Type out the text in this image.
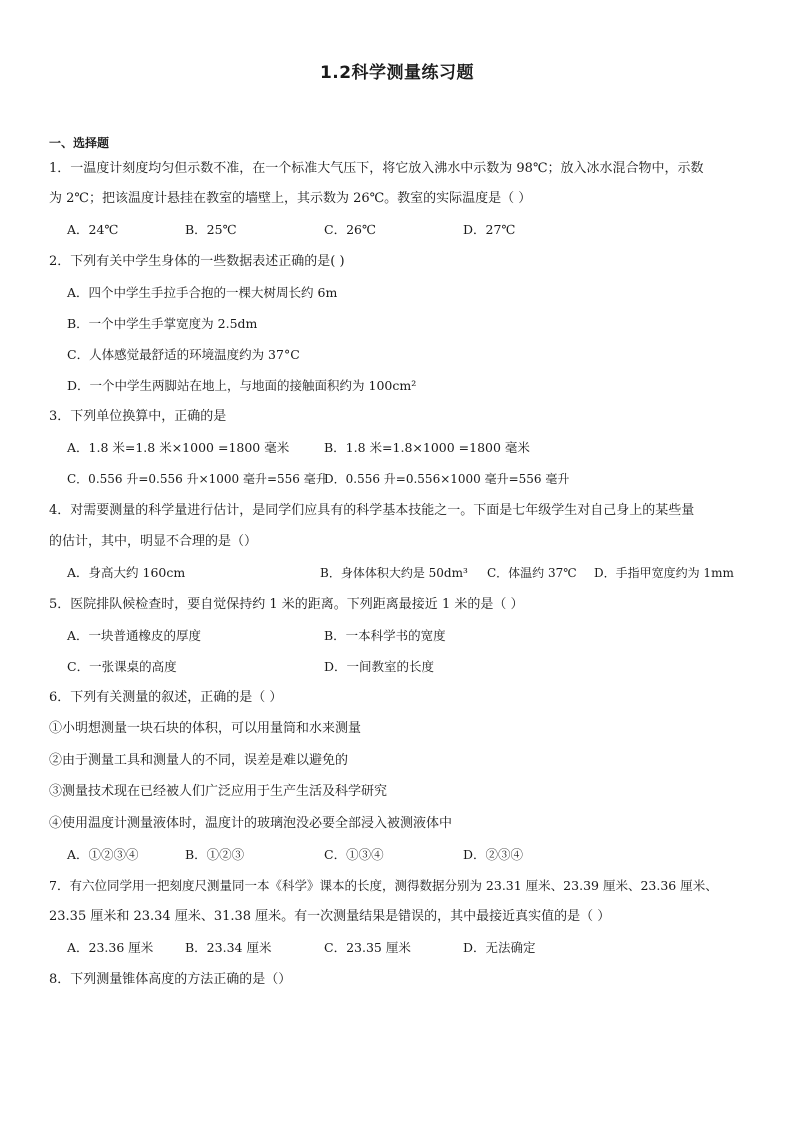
1.2科学测量练习题
一、选择题
1．一温度计刻度均匀但示数不准，在一个标准大气压下，将它放入沸水中示数为 98℃；放入冰水混合物中，示数
为 2℃；把该温度计悬挂在教室的墙壁上，其示数为 26℃。教室的实际温度是（ ）
A．24℃	B．25℃	C．26℃	D．27℃
2．下列有关中学生身体的一些数据表述正确的是( )
A．四个中学生手拉手合抱的一棵大树周长约 6m
B．一个中学生手掌宽度为 2.5dm
C．人体感觉最舒适的环境温度约为 37°C
D．一个中学生两脚站在地上，与地面的接触面积约为 100cm²
3．下列单位换算中，正确的是
A．1.8 米=1.8 米×1000 =1800 毫米	B．1.8 米=1.8×1000 =1800 毫米
C．0.556 升=0.556 升×1000 毫升=556 毫升
D．0.556 升=0.556×1000 毫升=556 毫升
4．对需要测量的科学量进行估计，是同学们应具有的科学基本技能之一。下面是七年级学生对自己身上的某些量
的估计，其中，明显不合理的是（）
A．身高大约 160cm	B．身体体积大约是 50dm³ C．体温约 37℃ D．手指甲宽度约为 1mm
5．医院排队候检查时，要自觉保持约 1 米的距离。下列距离最接近 1 米的是（ ）
A．一块普通橡皮的厚度	B．一本科学书的宽度
C．一张课桌的高度	D．一间教室的长度
6．下列有关测量的叙述，正确的是（ ）
①小明想测量一块石块的体积，可以用量筒和水来测量
②由于测量工具和测量人的不同，误差是难以避免的
③测量技术现在已经被人们广泛应用于生产生活及科学研究
④使用温度计测量液体时，温度计的玻璃泡没必要全部浸入被测液体中
A．①②③④	B．①②③	C．①③④	D．②③④
7．有六位同学用一把刻度尺测量同一本《科学》课本的长度，测得数据分别为 23.31 厘米、23.39 厘米、23.36 厘米、
23.35 厘米和 23.34 厘米、31.38 厘米。有一次测量结果是错误的，其中最接近真实值的是（ ）
A．23.36 厘米	B．23.34 厘米	C．23.35 厘米	D．无法确定
8．下列测量锥体高度的方法正确的是（）
